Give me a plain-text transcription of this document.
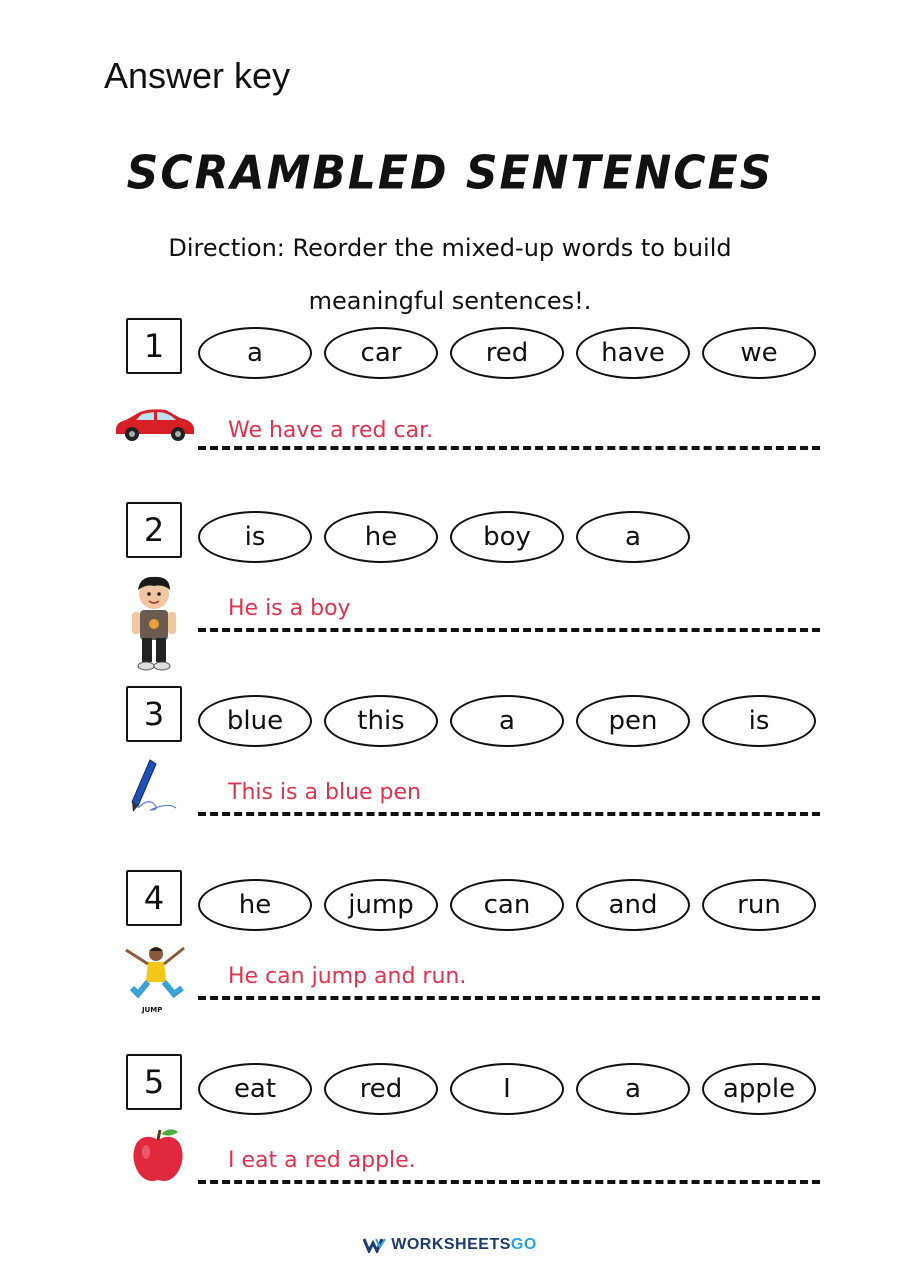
Answer key
SCRAMBLED SENTENCES
Direction: Reorder the mixed-up words to build meaningful sentences!.
1	a	car	red	have	we
We have a red car.
2	is	he	boy	a
He is a boy
3	blue	this	a	pen	is
This is a blue pen
4	he	jump	can	and	run
JUMP
He can jump and run.
5	eat	red	I	a	apple
I eat a red apple.
WORKSHEETSGO
